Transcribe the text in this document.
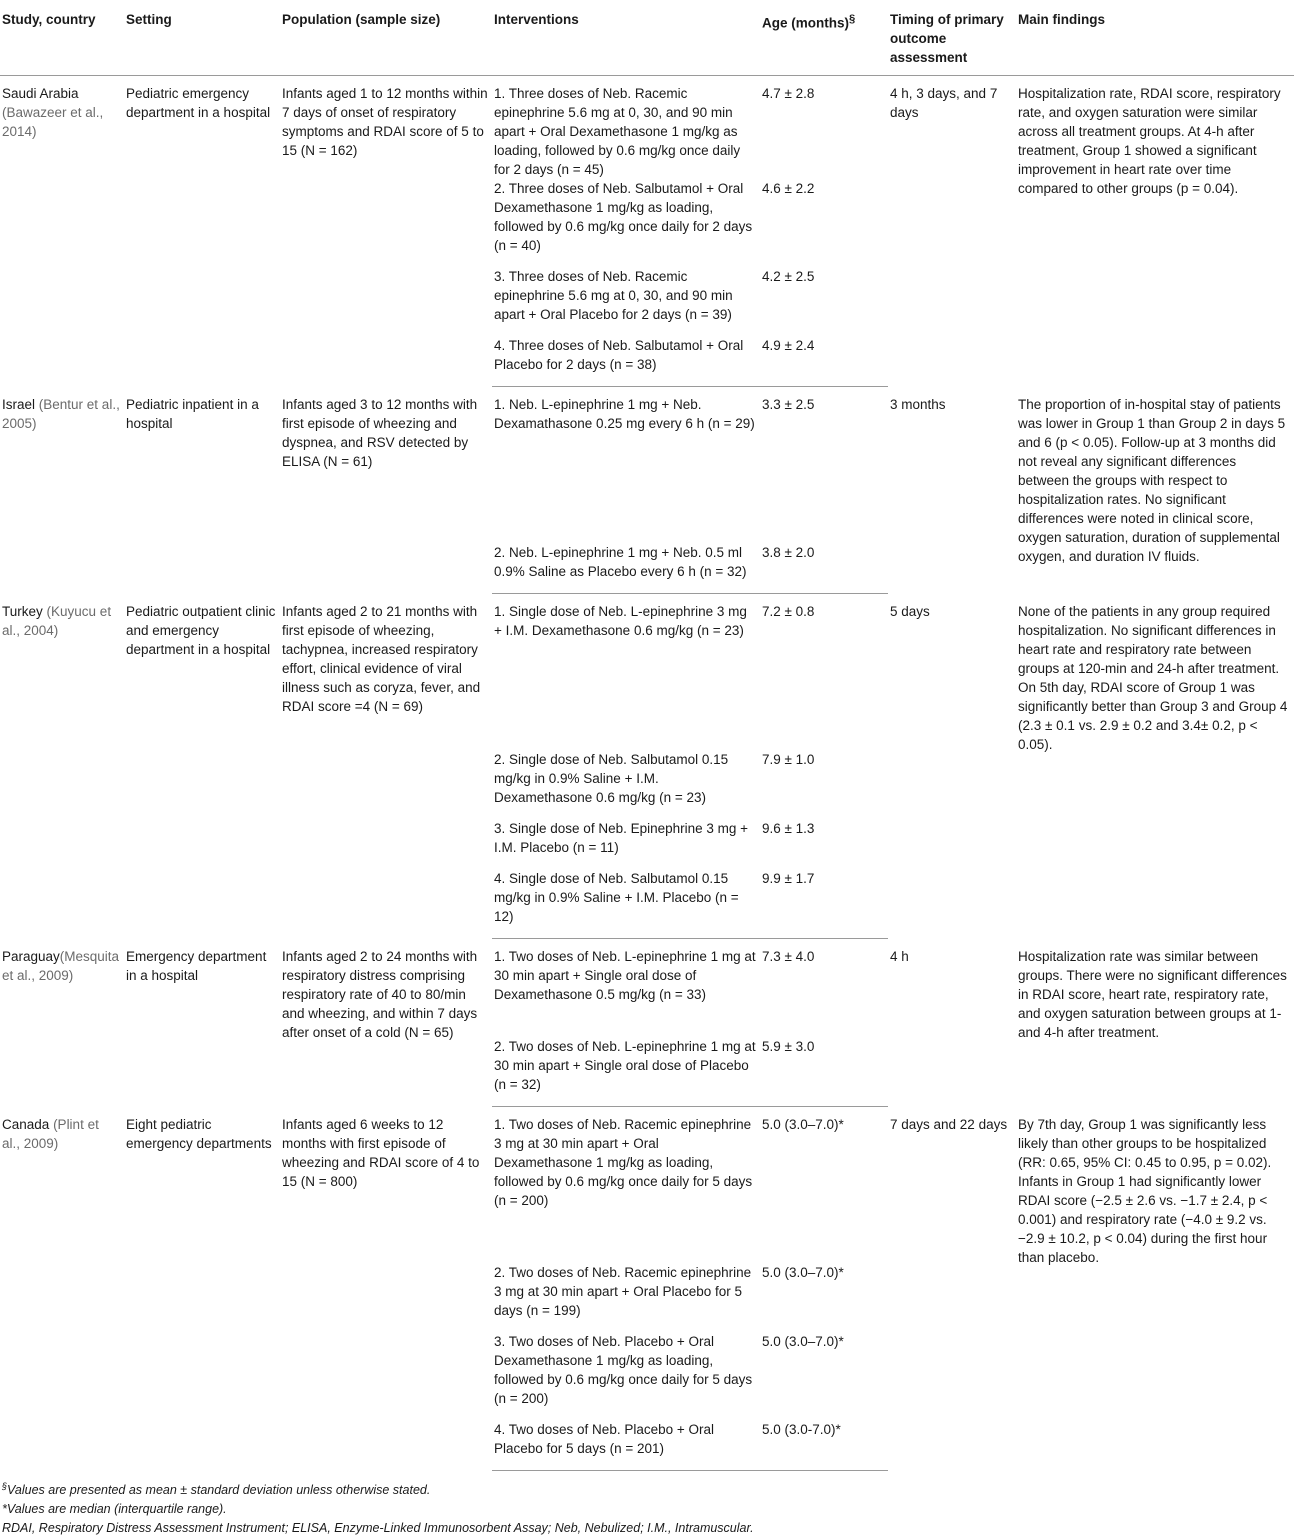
Study, country	Setting	Population (sample size)	Interventions	Age (months)§	Timing of primary outcome assessment	Main findings
Saudi Arabia (Bawazeer et al., 2014)	Pediatric emergency department in a hospital	Infants aged 1 to 12 months within 7 days of onset of respiratory symptoms and RDAI score of 5 to 15 (N = 162)	1. Three doses of Neb. Racemic epinephrine 5.6 mg at 0, 30, and 90 min apart + Oral Dexamethasone 1 mg/kg as loading, followed by 0.6 mg/kg once daily for 2 days (n = 45)	4.7 ± 2.8	4 h, 3 days, and 7 days	Hospitalization rate, RDAI score, respiratory rate, and oxygen saturation were similar across all treatment groups. At 4-h after treatment, Group 1 showed a significant improvement in heart rate over time compared to other groups (p = 0.04).
			2. Three doses of Neb. Salbutamol + Oral Dexamethasone 1 mg/kg as loading, followed by 0.6 mg/kg once daily for 2 days (n = 40)	4.6 ± 2.2		
			3. Three doses of Neb. Racemic epinephrine 5.6 mg at 0, 30, and 90 min apart + Oral Placebo for 2 days (n = 39)	4.2 ± 2.5		
			4. Three doses of Neb. Salbutamol + Oral Placebo for 2 days (n = 38)	4.9 ± 2.4		
Israel (Bentur et al., 2005)	Pediatric inpatient in a hospital	Infants aged 3 to 12 months with first episode of wheezing and dyspnea, and RSV detected by ELISA (N = 61)	1. Neb. L-epinephrine 1 mg + Neb. Dexamathasone 0.25 mg every 6 h (n = 29)	3.3 ± 2.5	3 months	The proportion of in-hospital stay of patients was lower in Group 1 than Group 2 in days 5 and 6 (p < 0.05). Follow-up at 3 months did not reveal any significant differences between the groups with respect to hospitalization rates. No significant differences were noted in clinical score, oxygen saturation, duration of supplemental oxygen, and duration IV fluids.
			2. Neb. L-epinephrine 1 mg + Neb. 0.5 ml 0.9% Saline as Placebo every 6 h (n = 32)	3.8 ± 2.0		
Turkey (Kuyucu et al., 2004)	Pediatric outpatient clinic and emergency department in a hospital	Infants aged 2 to 21 months with first episode of wheezing, tachypnea, increased respiratory effort, clinical evidence of viral illness such as coryza, fever, and RDAI score =4 (N = 69)	1. Single dose of Neb. L-epinephrine 3 mg + I.M. Dexamethasone 0.6 mg/kg (n = 23)	7.2 ± 0.8	5 days	None of the patients in any group required hospitalization. No significant differences in heart rate and respiratory rate between groups at 120-min and 24-h after treatment. On 5th day, RDAI score of Group 1 was significantly better than Group 3 and Group 4 (2.3 ± 0.1 vs. 2.9 ± 0.2 and 3.4± 0.2, p < 0.05).
			2. Single dose of Neb. Salbutamol 0.15 mg/kg in 0.9% Saline + I.M. Dexamethasone 0.6 mg/kg (n = 23)	7.9 ± 1.0		
			3. Single dose of Neb. Epinephrine 3 mg + I.M. Placebo (n = 11)	9.6 ± 1.3		
			4. Single dose of Neb. Salbutamol 0.15 mg/kg in 0.9% Saline + I.M. Placebo (n = 12)	9.9 ± 1.7		
Paraguay(Mesquita et al., 2009)	Emergency department in a hospital	Infants aged 2 to 24 months with respiratory distress comprising respiratory rate of 40 to 80/min and wheezing, and within 7 days after onset of a cold (N = 65)	1. Two doses of Neb. L-epinephrine 1 mg at 30 min apart + Single oral dose of Dexamethasone 0.5 mg/kg (n = 33)	7.3 ± 4.0	4 h	Hospitalization rate was similar between groups. There were no significant differences in RDAI score, heart rate, respiratory rate, and oxygen saturation between groups at 1- and 4-h after treatment.
			2. Two doses of Neb. L-epinephrine 1 mg at 30 min apart + Single oral dose of Placebo (n = 32)	5.9 ± 3.0		
Canada (Plint et al., 2009)	Eight pediatric emergency departments	Infants aged 6 weeks to 12 months with first episode of wheezing and RDAI score of 4 to 15 (N = 800)	1. Two doses of Neb. Racemic epinephrine 3 mg at 30 min apart + Oral Dexamethasone 1 mg/kg as loading, followed by 0.6 mg/kg once daily for 5 days (n = 200)	5.0 (3.0–7.0)*	7 days and 22 days	By 7th day, Group 1 was significantly less likely than other groups to be hospitalized (RR: 0.65, 95% CI: 0.45 to 0.95, p = 0.02). Infants in Group 1 had significantly lower RDAI score (−2.5 ± 2.6 vs. −1.7 ± 2.4, p < 0.001) and respiratory rate (−4.0 ± 9.2 vs. −2.9 ± 10.2, p < 0.04) during the first hour than placebo.
			2. Two doses of Neb. Racemic epinephrine 3 mg at 30 min apart + Oral Placebo for 5 days (n = 199)	5.0 (3.0–7.0)*		
			3. Two doses of Neb. Placebo + Oral Dexamethasone 1 mg/kg as loading, followed by 0.6 mg/kg once daily for 5 days (n = 200)	5.0 (3.0–7.0)*		
			4. Two doses of Neb. Placebo + Oral Placebo for 5 days (n = 201)	5.0 (3.0-7.0)*		
§Values are presented as mean ± standard deviation unless otherwise stated.
*Values are median (interquartile range).
RDAI, Respiratory Distress Assessment Instrument; ELISA, Enzyme-Linked Immunosorbent Assay; Neb, Nebulized; I.M., Intramuscular.
